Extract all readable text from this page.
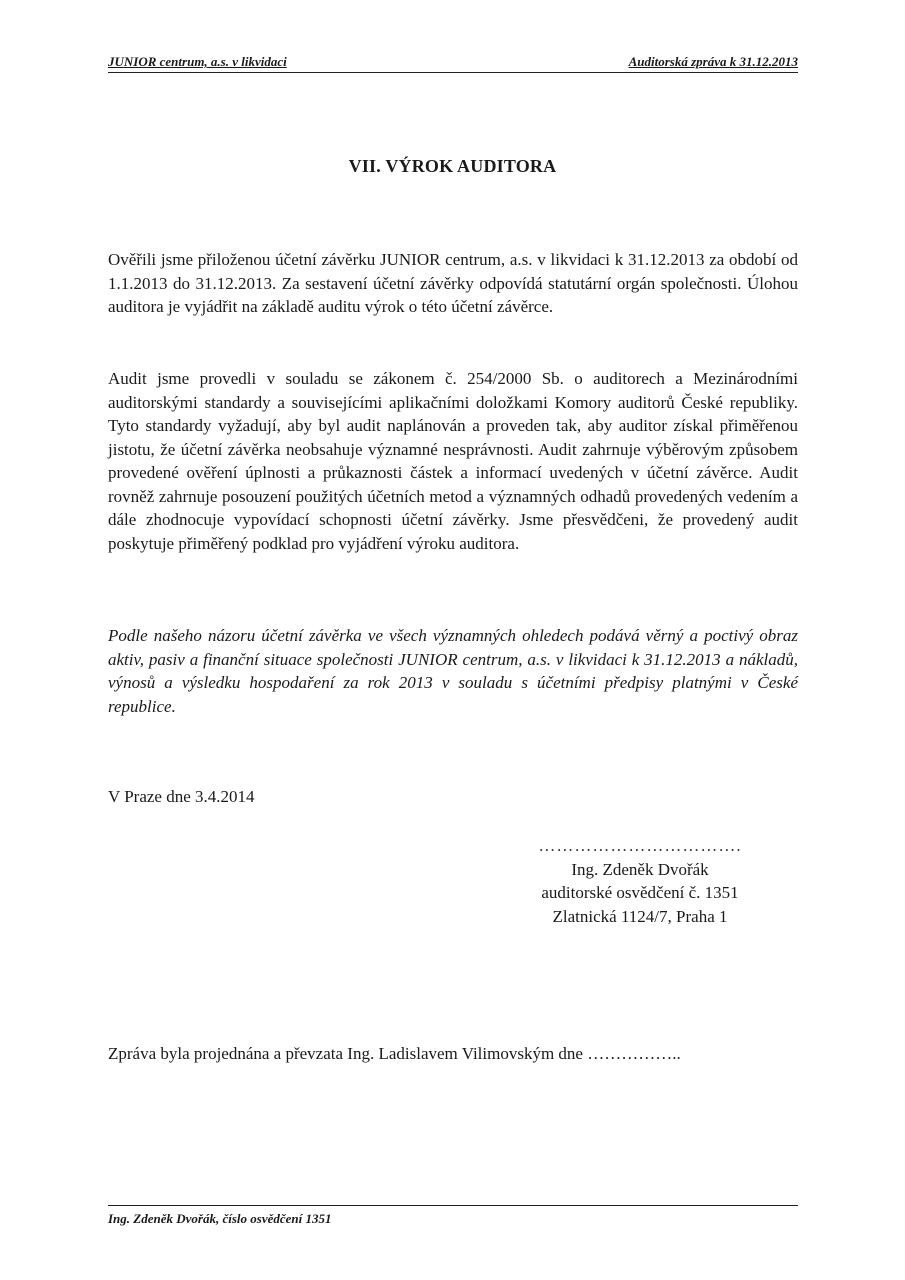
JUNIOR centrum, a.s. v likvidaci	Auditorská zpráva k 31.12.2013
VII. VÝROK AUDITORA

Ověřili jsme přiloženou účetní závěrku JUNIOR centrum, a.s. v likvidaci k 31.12.2013 za období od 1.1.2013 do 31.12.2013. Za sestavení účetní závěrky odpovídá statutární orgán společnosti. Úlohou auditora je vyjádřit na základě auditu výrok o této účetní závěrce.

Audit jsme provedli v souladu se zákonem č. 254/2000 Sb. o auditorech a Mezinárodními auditorskými standardy a souvisejícími aplikačními doložkami Komory auditorů České republiky. Tyto standardy vyžadují, aby byl audit naplánován a proveden tak, aby auditor získal přiměřenou jistotu, že účetní závěrka neobsahuje významné nesprávnosti. Audit zahrnuje výběrovým způsobem provedené ověření úplnosti a průkaznosti částek a informací uvedených v účetní závěrce. Audit rovněž zahrnuje posouzení použitých účetních metod a významných odhadů provedených vedením a dále zhodnocuje vypovídací schopnosti účetní závěrky. Jsme přesvědčeni, že provedený audit poskytuje přiměřený podklad pro vyjádření výroku auditora.

Podle našeho názoru účetní závěrka ve všech významných ohledech podává věrný a poctivý obraz aktiv, pasiv a finanční situace společnosti JUNIOR centrum, a.s. v likvidaci k 31.12.2013 a nákladů, výnosů a výsledku hospodaření za rok 2013 v souladu s účetními předpisy platnými v České republice.

V Praze dne 3.4.2014
…………………………….
Ing. Zdeněk Dvořák
auditorské osvědčení č. 1351
Zlatnická 1124/7, Praha 1
Zpráva byla projednána a převzata Ing. Ladislavem Vilimovským dne ……………..
Ing. Zdeněk Dvořák, číslo osvědčení 1351
